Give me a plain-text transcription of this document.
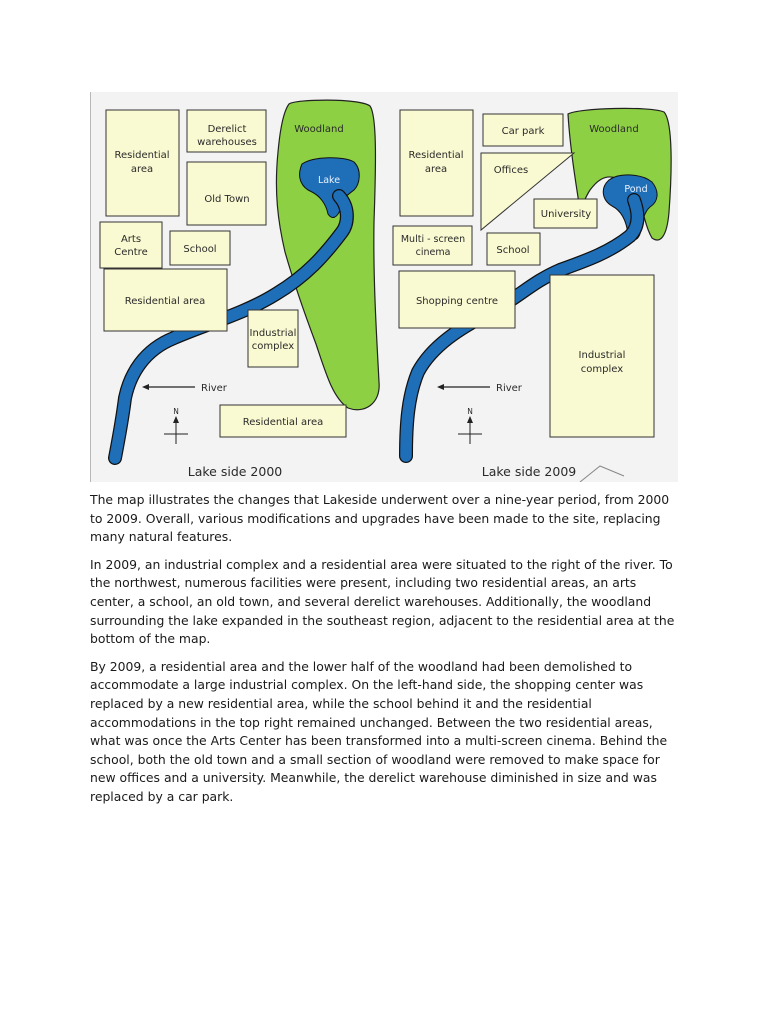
Residential
area
Derelict
warehouses
Woodland
Lake
Old Town
Arts
Centre	School
Residential area
Industrial
complex
Residential area
River
N
Lake side 2000
Residential
area
Car park	Woodland
Offices
Pond
University
Multi - screen
cinema	School
Shopping centre
Industrial
complex
River
N
Lake side 2009

The map illustrates the changes that Lakeside underwent over a nine-year period, from 2000 to 2009. Overall, various modifications and upgrades have been made to the site, replacing many natural features.

In 2009, an industrial complex and a residential area were situated to the right of the river. To the northwest, numerous facilities were present, including two residential areas, an arts center, a school, an old town, and several derelict warehouses. Additionally, the woodland surrounding the lake expanded in the southeast region, adjacent to the residential area at the bottom of the map.

By 2009, a residential area and the lower half of the woodland had been demolished to accommodate a large industrial complex. On the left-hand side, the shopping center was replaced by a new residential area, while the school behind it and the residential accommodations in the top right remained unchanged. Between the two residential areas, what was once the Arts Center has been transformed into a multi-screen cinema. Behind the school, both the old town and a small section of woodland were removed to make space for new offices and a university. Meanwhile, the derelict warehouse diminished in size and was replaced by a car park.
